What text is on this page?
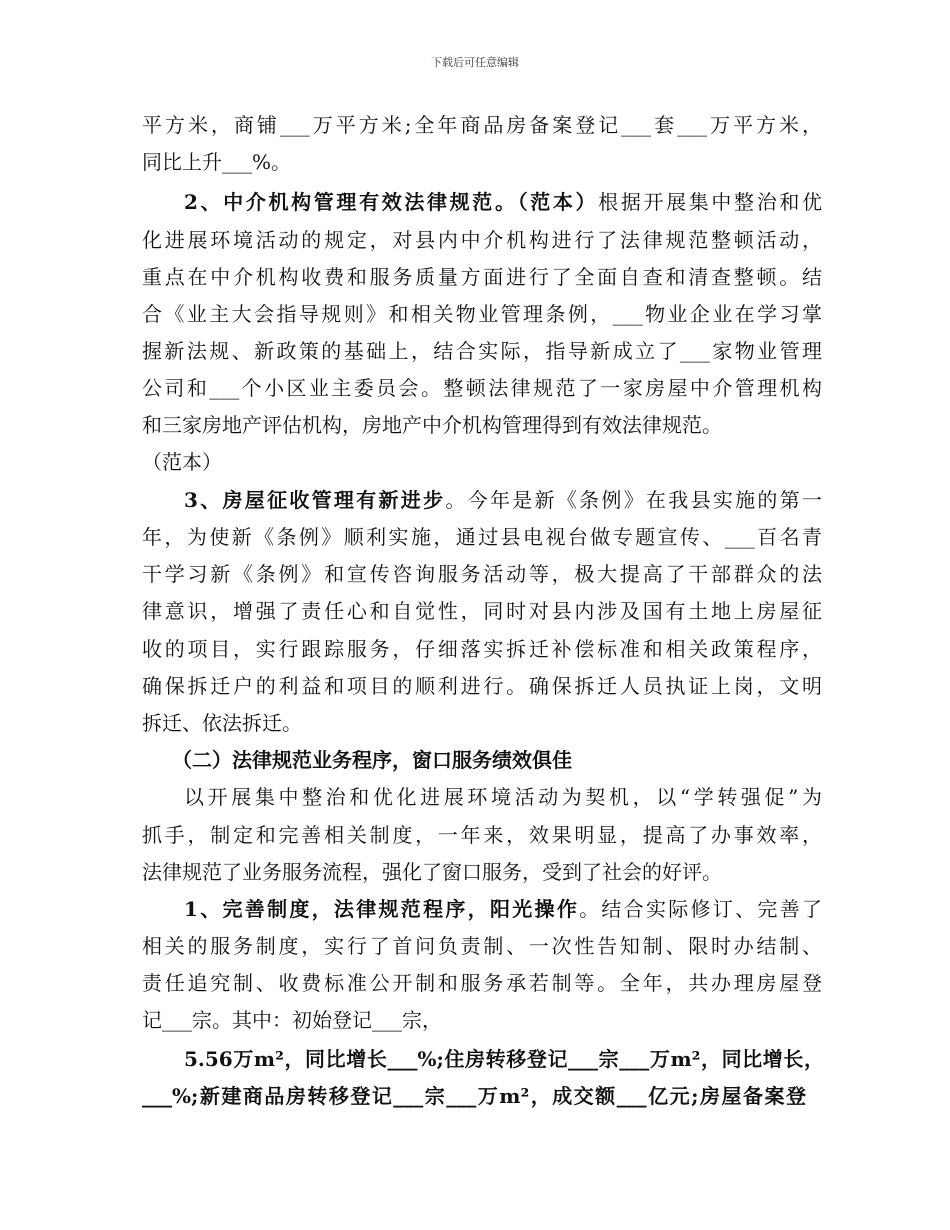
下载后可任意编辑
平方米，商铺___万平方米;全年商品房备案登记___套___万平方米，
同比上升___%。
2、中介机构管理有效法律规范。（范本）根据开展集中整治和优
化进展环境活动的规定，对县内中介机构进行了法律规范整顿活动，
重点在中介机构收费和服务质量方面进行了全面自查和清查整顿。结
合《业主大会指导规则》和相关物业管理条例，___物业企业在学习掌
握新法规、新政策的基础上，结合实际，指导新成立了___家物业管理
公司和___个小区业主委员会。整顿法律规范了一家房屋中介管理机构
和三家房地产评估机构，房地产中介机构管理得到有效法律规范。
（范本）
3、房屋征收管理有新进步。今年是新《条例》在我县实施的第一
年，为使新《条例》顺利实施，通过县电视台做专题宣传、___百名青
干学习新《条例》和宣传咨询服务活动等，极大提高了干部群众的法
律意识，增强了责任心和自觉性，同时对县内涉及国有土地上房屋征
收的项目，实行跟踪服务，仔细落实拆迁补偿标准和相关政策程序，
确保拆迁户的利益和项目的顺利进行。确保拆迁人员执证上岗，文明
拆迁、依法拆迁。
（二）法律规范业务程序，窗口服务绩效俱佳
以开展集中整治和优化进展环境活动为契机，以“学转强促”为
抓手，制定和完善相关制度，一年来，效果明显，提高了办事效率，
法律规范了业务服务流程，强化了窗口服务，受到了社会的好评。
1、完善制度，法律规范程序，阳光操作。结合实际修订、完善了
相关的服务制度，实行了首问负责制、一次性告知制、限时办结制、
责任追究制、收费标准公开制和服务承若制等。全年，共办理房屋登
记___宗。其中：初始登记___宗，
5.56万m²，同比增长___%;住房转移登记___宗___万m²，同比增长，
___%;新建商品房转移登记___宗___万m²，成交额___亿元;房屋备案登
